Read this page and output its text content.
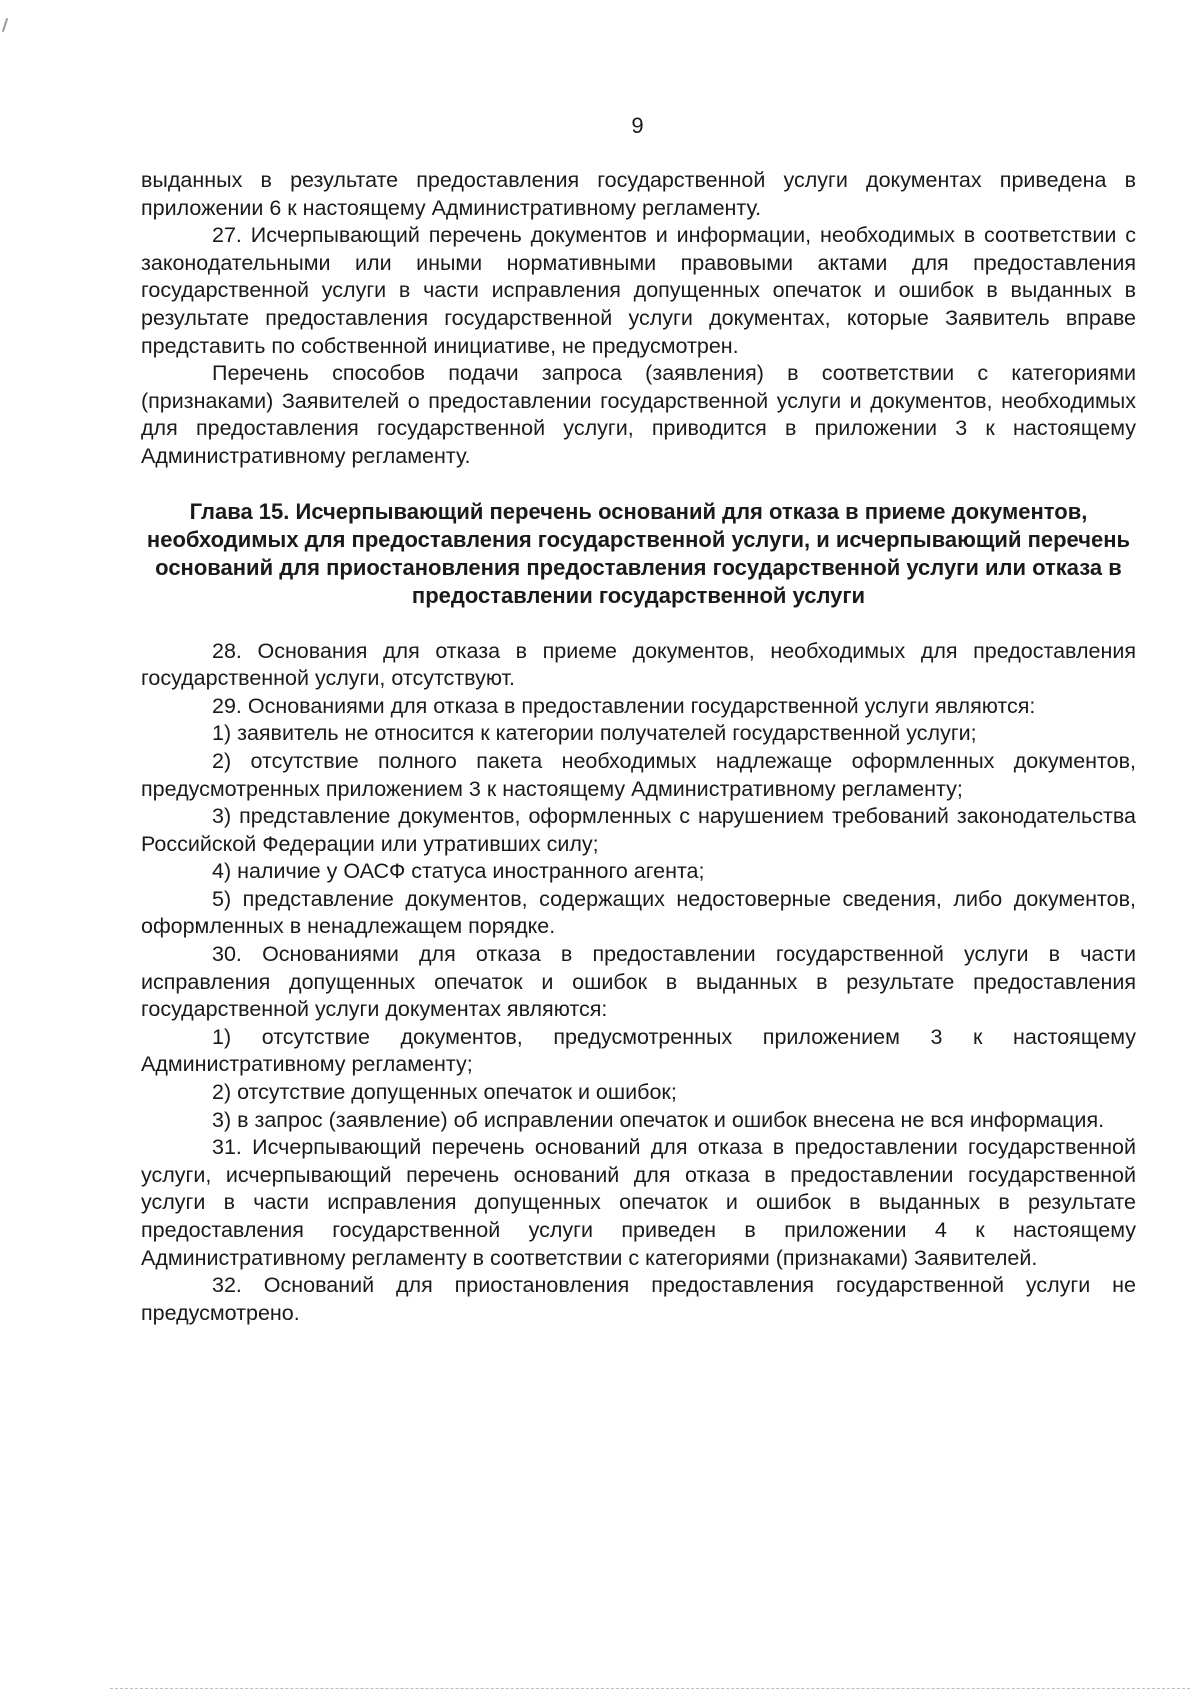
9

выданных в результате предоставления государственной услуги документах приведена в приложении 6 к настоящему Административному регламенту.

27. Исчерпывающий перечень документов и информации, необходимых в соответствии с законодательными или иными нормативными правовыми актами для предоставления государственной услуги в части исправления допущенных опечаток и ошибок в выданных в результате предоставления государственной услуги документах, которые Заявитель вправе представить по собственной инициативе, не предусмотрен.

Перечень способов подачи запроса (заявления) в соответствии с категориями (признаками) Заявителей о предоставлении государственной услуги и документов, необходимых для предоставления государственной услуги, приводится в приложении 3 к настоящему Административному регламенту.

Глава 15. Исчерпывающий перечень оснований для отказа в приеме документов, необходимых для предоставления государственной услуги, и исчерпывающий перечень оснований для приостановления предоставления государственной услуги или отказа в предоставлении государственной услуги

28. Основания для отказа в приеме документов, необходимых для предоставления государственной услуги, отсутствуют.

29. Основаниями для отказа в предоставлении государственной услуги являются:

1) заявитель не относится к категории получателей государственной услуги;

2) отсутствие полного пакета необходимых надлежаще оформленных документов, предусмотренных приложением 3 к настоящему Административному регламенту;

3) представление документов, оформленных с нарушением требований законодательства Российской Федерации или утративших силу;

4) наличие у ОАСФ статуса иностранного агента;

5) представление документов, содержащих недостоверные сведения, либо документов, оформленных в ненадлежащем порядке.

30. Основаниями для отказа в предоставлении государственной услуги в части исправления допущенных опечаток и ошибок в выданных в результате предоставления государственной услуги документах являются:

1) отсутствие документов, предусмотренных приложением 3 к настоящему Административному регламенту;

2) отсутствие допущенных опечаток и ошибок;

3) в запрос (заявление) об исправлении опечаток и ошибок внесена не вся информация.

31. Исчерпывающий перечень оснований для отказа в предоставлении государственной услуги, исчерпывающий перечень оснований для отказа в предоставлении государственной услуги в части исправления допущенных опечаток и ошибок в выданных в результате предоставления государственной услуги приведен в приложении 4 к настоящему Административному регламенту в соответствии с категориями (признаками) Заявителей.

32. Оснований для приостановления предоставления государственной услуги не предусмотрено.
